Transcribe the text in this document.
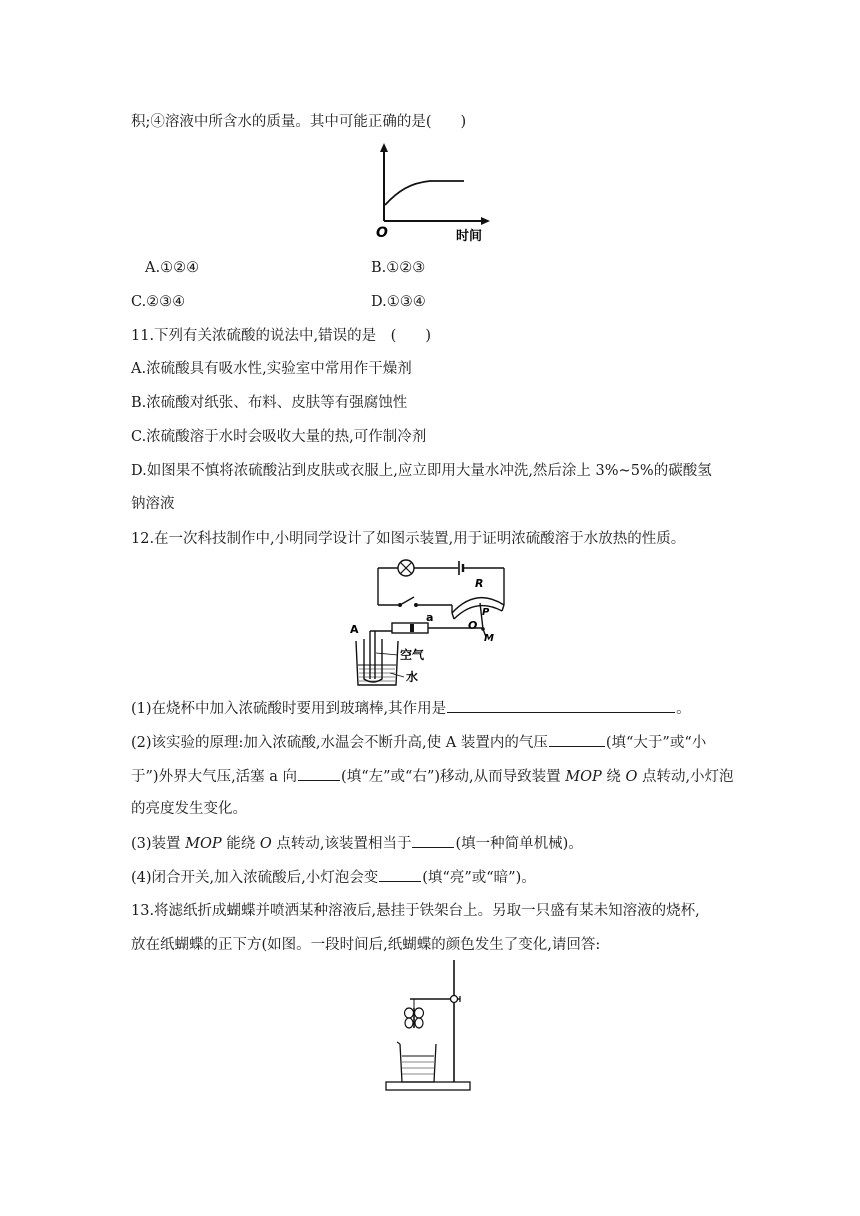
积;④溶液中所含水的质量。其中可能正确的是(　　)
O	时间
A.①②④	B.①②③
C.②③④	D.①③④
11.下列有关浓硫酸的说法中,错误的是　(　　)
A.浓硫酸具有吸水性,实验室中常用作干燥剂
B.浓硫酸对纸张、布料、皮肤等有强腐蚀性
C.浓硫酸溶于水时会吸收大量的热,可作制冷剂
D.如图果不慎将浓硫酸沾到皮肤或衣服上,应立即用大量水冲洗,然后涂上 3%~5%的碳酸氢
钠溶液
12.在一次科技制作中,小明同学设计了如图示装置,用于证明浓硫酸溶于水放热的性质。
R
P
O
M
a
A
空气
水
(1)在烧杯中加入浓硫酸时要用到玻璃棒,其作用是	。
(2)该实验的原理:加入浓硫酸,水温会不断升高,使 A 装置内的气压	(填“大于”或“小
于”)外界大气压,活塞 a 向	(填“左”或“右”)移动,从而导致装置 MOP 绕 O 点转动,小灯泡
的亮度发生变化。
(3)装置 MOP 能绕 O 点转动,该装置相当于	(填一种简单机械)。
(4)闭合开关,加入浓硫酸后,小灯泡会变	(填“亮”或“暗”)。
13.将滤纸折成蝴蝶并喷洒某种溶液后,悬挂于铁架台上。另取一只盛有某未知溶液的烧杯,
放在纸蝴蝶的正下方(如图。一段时间后,纸蝴蝶的颜色发生了变化,请回答:
